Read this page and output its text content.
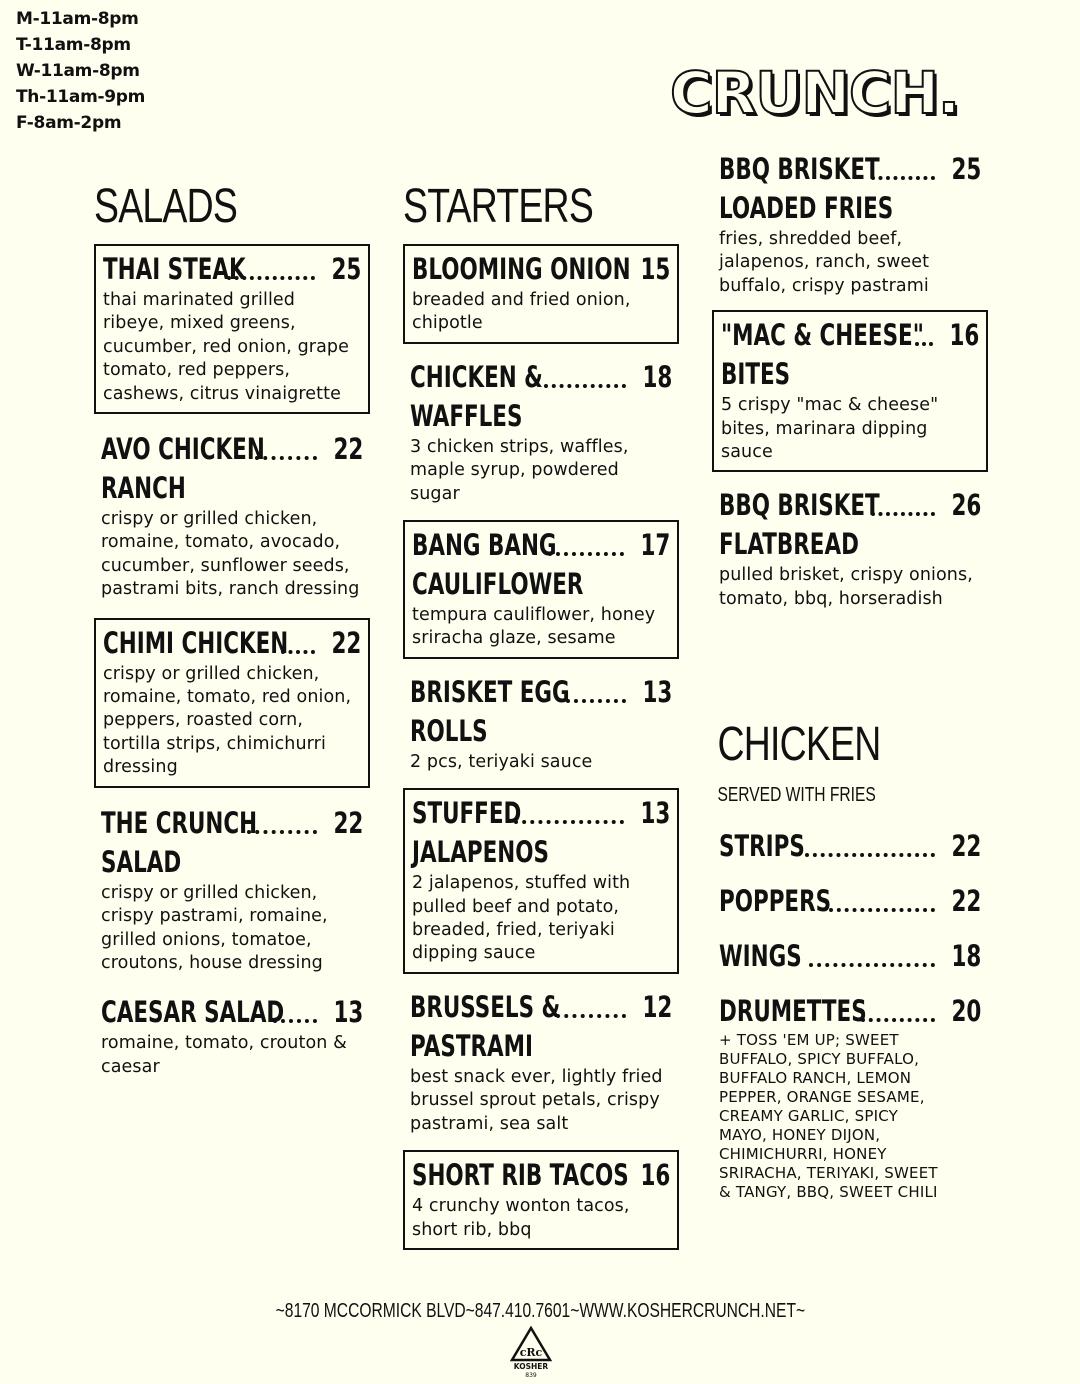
M-11am-8pm
T-11am-8pm
W-11am-8pm
Th-11am-9pm
F-8am-2pm	CRUNCH.
SALADS
THAI STEAK	25

thai marinated grilled ribeye, mixed greens, cucumber, red onion, grape tomato, red peppers, cashews, citrus vinaigrette

AVO CHICKEN 22
RANCH

crispy or grilled chicken, romaine, tomato, avocado, cucumber, sunflower seeds, pastrami bits, ranch dressing

CHIMI CHICKEN 22

crispy or grilled chicken, romaine, tomato, red onion, peppers, roasted corn, tortilla strips, chimichurri dressing

THE CRUNCH	22
SALAD

crispy or grilled chicken, crispy pastrami, romaine, grilled onions, tomatoe, croutons, house dressing

CAESAR SALAD 13

romaine, tomato, crouton & caesar

STARTERS
BLOOMING ONION 15

breaded and fried onion, chipotle

CHICKEN &	18
WAFFLES

3 chicken strips, waffles, maple syrup, powdered sugar

BANG BANG	17
CAULIFLOWER

tempura cauliflower, honey sriracha glaze, sesame

BRISKET EGG	13
ROLLS

2 pcs, teriyaki sauce

STUFFED	13
JALAPENOS

2 jalapenos, stuffed with pulled beef and potato, breaded, fried, teriyaki dipping sauce

BRUSSELS &	12
PASTRAMI

best snack ever, lightly fried brussel sprout petals, crispy pastrami, sea salt

SHORT RIB TACOS 16

4 crunchy wonton tacos, short rib, bbq

BBQ BRISKET 25
LOADED FRIES

fries, shredded beef, jalapenos, ranch, sweet buffalo, crispy pastrami

"MAC & CHEESE" 16
BITES

5 crispy "mac & cheese" bites, marinara dipping sauce

BBQ BRISKET 26
FLATBREAD

pulled brisket, crispy onions, tomato, bbq, horseradish

CHICKEN

SERVED WITH FRIES

STRIPS	22
POPPERS	22
WINGS	18
DRUMETTES	20

+ TOSS 'EM UP; SWEET BUFFALO, SPICY BUFFALO, BUFFALO RANCH, LEMON PEPPER, ORANGE SESAME, CREAMY GARLIC, SPICY MAYO, HONEY DIJON, CHIMICHURRI, HONEY SRIRACHA, TERIYAKI, SWEET & TANGY, BBQ, SWEET CHILI

~8170 MCCORMICK BLVD~847.410.7601~WWW.KOSHERCRUNCH.NET~
cRc
KOSHER
839
